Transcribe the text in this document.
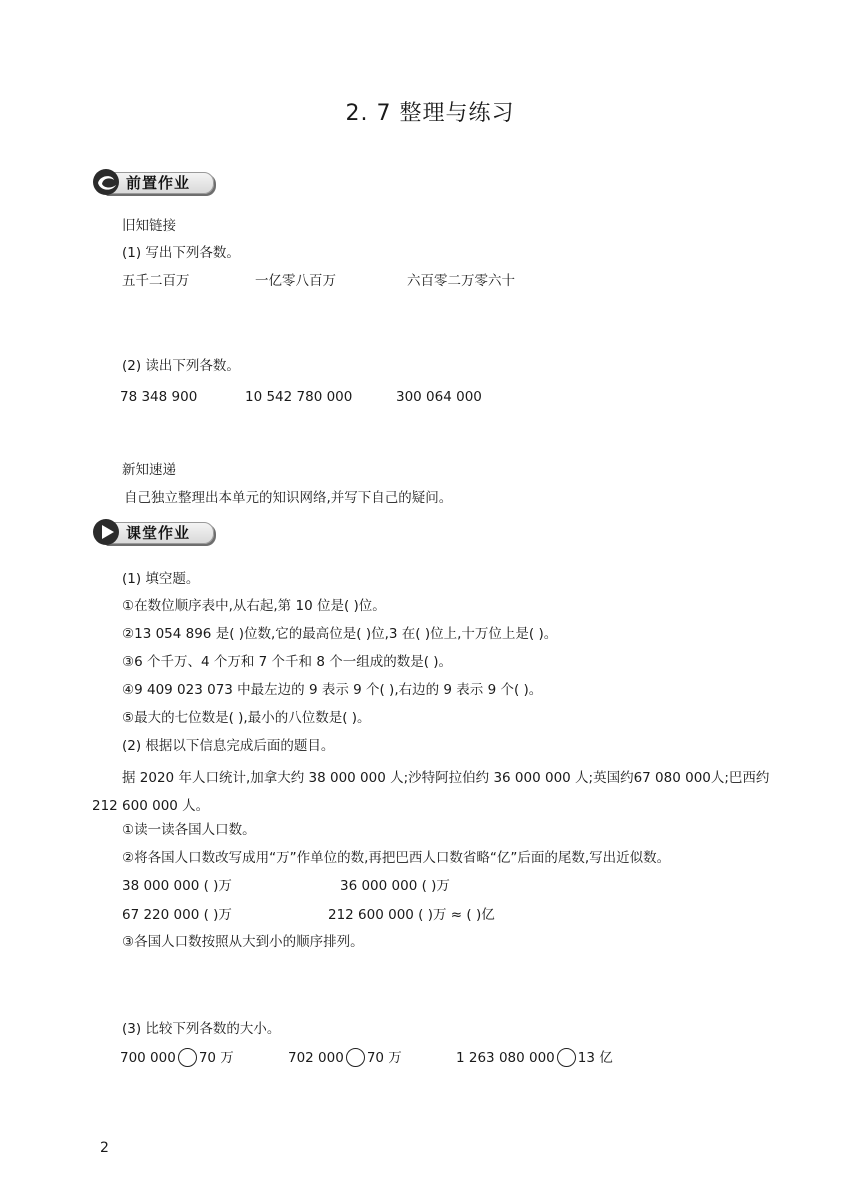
2. 7 整理与练习
前置作业
旧知链接
(1) 写出下列各数。
五千二百万	一亿零八百万	六百零二万零六十
(2) 读出下列各数。
78 348 900	10 542 780 000	300 064 000
新知速递
自己独立整理出本单元的知识网络,并写下自己的疑问。
课堂作业
(1) 填空题。
①在数位顺序表中,从右起,第 10 位是( )位。
②13 054 896 是( )位数,它的最高位是( )位,3 在( )位上,十万位上是( )。
③6 个千万、4 个万和 7 个千和 8 个一组成的数是( )。
④9 409 023 073 中最左边的 9 表示 9 个( ),右边的 9 表示 9 个( )。
⑤最大的七位数是( ),最小的八位数是( )。
(2) 根据以下信息完成后面的题目。
据 2020 年人口统计,加拿大约 38 000 000 人;沙特阿拉伯约 36 000 000 人;英国约67 080 000人;巴西约
212 600 000 人。
①读一读各国人口数。
②将各国人口数改写成用“万”作单位的数,再把巴西人口数省略“亿”后面的尾数,写出近似数。
38 000 000 ( )万	36 000 000 ( )万
67 220 000 ( )万	212 600 000 ( )万 ≈ ( )亿
③各国人口数按照从大到小的顺序排列。
(3) 比较下列各数的大小。
700 000 70 万	702 000 70 万	1 263 080 000 13 亿
2
